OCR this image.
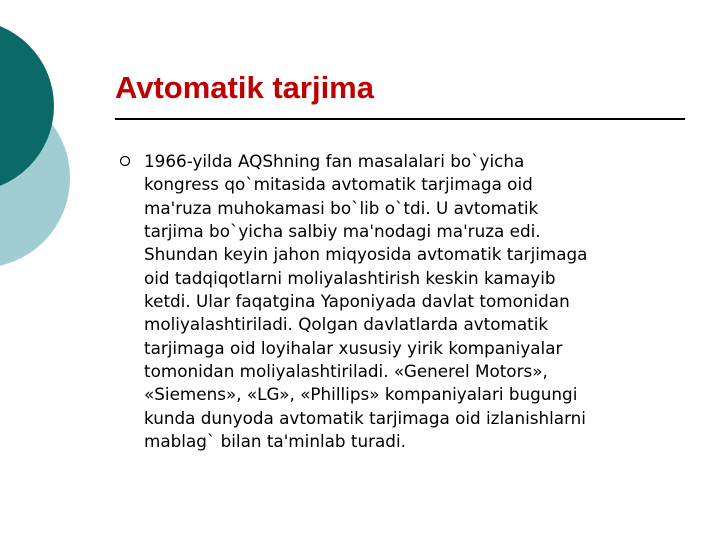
Avtomatik tarjima

1966-yilda AQShning fan masalalari bo`yicha
kongress qo`mitasida avtomatik tarjimaga oid
ma'ruza muhokamasi bo`lib o`tdi. U avtomatik
tarjima bo`yicha salbiy ma'nodagi ma'ruza edi.
Shundan keyin jahon miqyosida avtomatik tarjimaga
oid tadqiqotlarni moliyalashtirish keskin kamayib
ketdi. Ular faqatgina Yaponiyada davlat tomonidan
moliyalashtiriladi. Qolgan davlatlarda avtomatik
tarjimaga oid loyihalar xususiy yirik kompaniyalar
tomonidan moliyalashtiriladi. «Generel Motors»,
«Siemens», «LG», «Phillips» kompaniyalari bugungi
kunda dunyoda avtomatik tarjimaga oid izlanishlarni
mablag` bilan ta'minlab turadi.
